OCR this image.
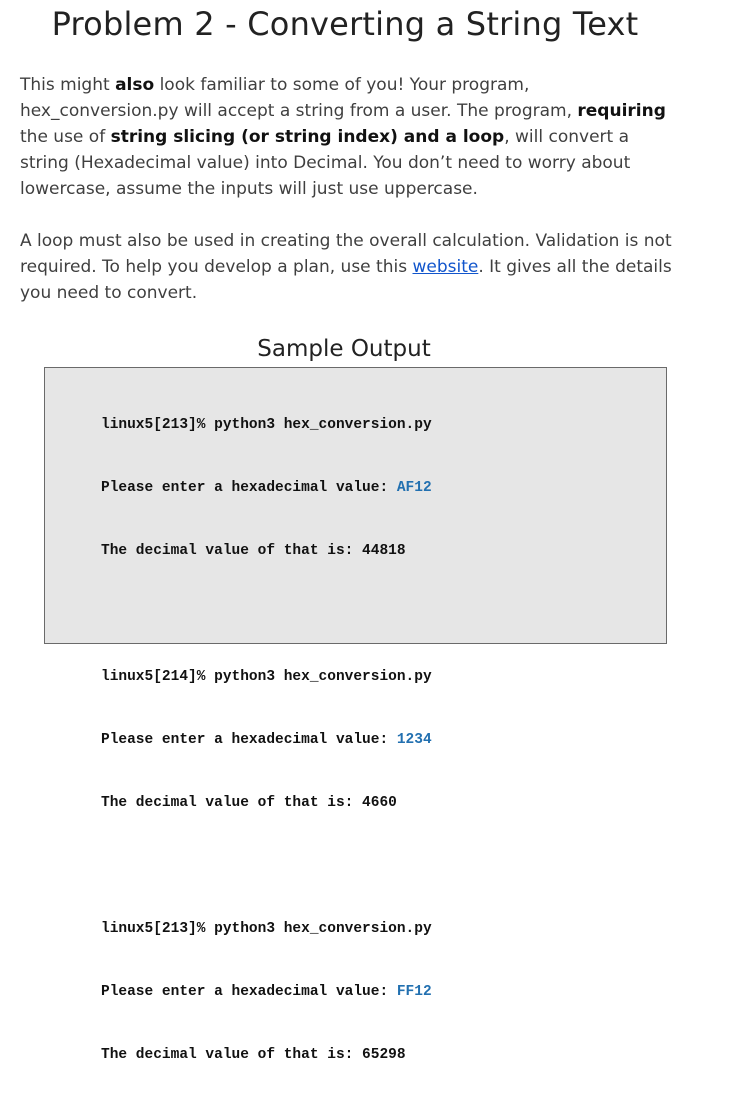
Problem 2 - Converting a String Text

This might also look familiar to some of you! Your program, hex_conversion.py will accept a string from a user. The program, requiring the use of string slicing (or string index) and a loop, will convert a string (Hexadecimal value) into Decimal. You don’t need to worry about lowercase, assume the inputs will just use uppercase.

A loop must also be used in creating the overall calculation. Validation is not required. To help you develop a plan, use this website. It gives all the details you need to convert.

Sample Output

linux5[213]% python3 hex_conversion.py

Please enter a hexadecimal value: AF12

The decimal value of that is: 44818

linux5[214]% python3 hex_conversion.py

Please enter a hexadecimal value: 1234

The decimal value of that is: 4660

linux5[213]% python3 hex_conversion.py

Please enter a hexadecimal value: FF12

The decimal value of that is: 65298
